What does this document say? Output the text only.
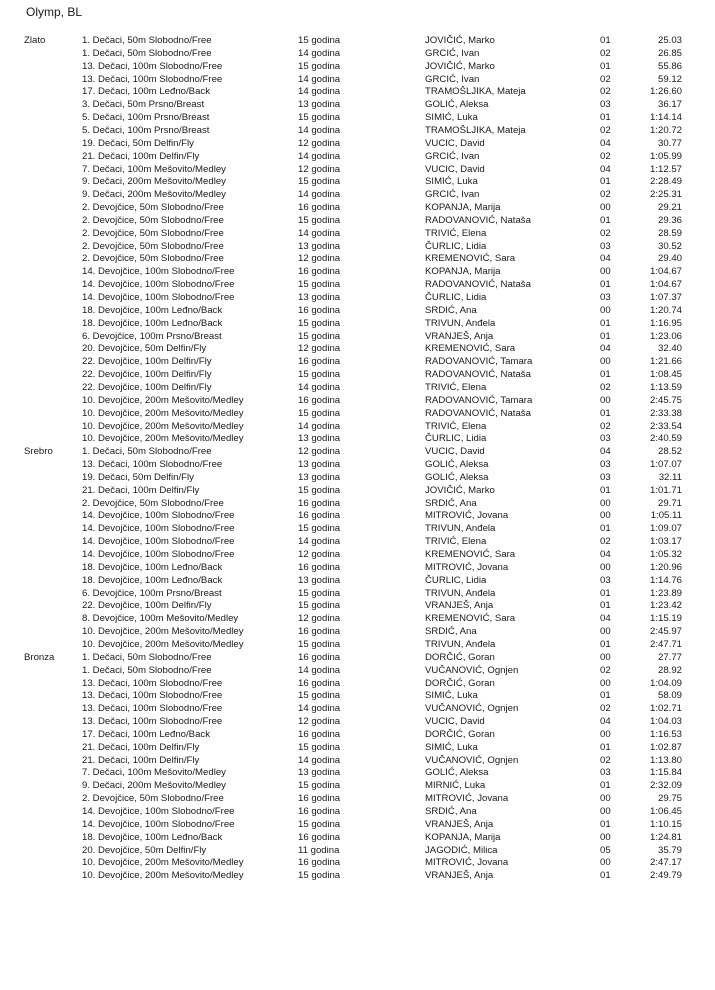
Olymp, BL
Zlato	1. Dečaci, 50m Slobodno/Free	15 godina	JOVIČIĆ, Marko	01	25.03
1. Dečaci, 50m Slobodno/Free	14 godina	GRCIĆ, Ivan	02	26.85
13. Dečaci, 100m Slobodno/Free	15 godina	JOVIČIĆ, Marko	01	55.86
13. Dečaci, 100m Slobodno/Free	14 godina	GRCIĆ, Ivan	02	59.12
17. Dečaci, 100m Leđno/Back	14 godina	TRAMOŠLJIKA, Mateja	02	1:26.60
3. Dečaci, 50m Prsno/Breast	13 godina	GOLIĆ, Aleksa	03	36.17
5. Dečaci, 100m Prsno/Breast	15 godina	SIMIĆ, Luka	01	1:14.14
5. Dečaci, 100m Prsno/Breast	14 godina	TRAMOŠLJIKA, Mateja	02	1:20.72
19. Dečaci, 50m Delfin/Fly	12 godina	VUCIC, David	04	30.77
21. Dečaci, 100m Delfin/Fly	14 godina	GRCIĆ, Ivan	02	1:05.99
7. Dečaci, 100m Mešovito/Medley	12 godina	VUCIC, David	04	1:12.57
9. Dečaci, 200m Mešovito/Medley	15 godina	SIMIĆ, Luka	01	2:28.49
9. Dečaci, 200m Mešovito/Medley	14 godina	GRCIĆ, Ivan	02	2:25.31
2. Devojčice, 50m Slobodno/Free	16 godina	KOPANJA, Marija	00	29.21
2. Devojčice, 50m Slobodno/Free	15 godina	RADOVANOVIĆ, Nataša	01	29.36
2. Devojčice, 50m Slobodno/Free	14 godina	TRIVIĆ, Elena	02	28.59
2. Devojčice, 50m Slobodno/Free	13 godina	ČURLIC, Lidia	03	30.52
2. Devojčice, 50m Slobodno/Free	12 godina	KREMENOVIĆ, Sara	04	29.40
14. Devojčice, 100m Slobodno/Free	16 godina	KOPANJA, Marija	00	1:04.67
14. Devojčice, 100m Slobodno/Free	15 godina	RADOVANOVIĆ, Nataša	01	1:04.67
14. Devojčice, 100m Slobodno/Free	13 godina	ČURLIC, Lidia	03	1:07.37
18. Devojčice, 100m Leđno/Back	16 godina	SRDIĆ, Ana	00	1:20.74
18. Devojčice, 100m Leđno/Back	15 godina	TRIVUN, Anđela	01	1:16.95
6. Devojčice, 100m Prsno/Breast	15 godina	VRANJEŠ, Anja	01	1:23.06
20. Devojčice, 50m Delfin/Fly	12 godina	KREMENOVIĆ, Sara	04	32.40
22. Devojčice, 100m Delfin/Fly	16 godina	RADOVANOVIĆ, Tamara	00	1:21.66
22. Devojčice, 100m Delfin/Fly	15 godina	RADOVANOVIĆ, Nataša	01	1:08.45
22. Devojčice, 100m Delfin/Fly	14 godina	TRIVIĆ, Elena	02	1:13.59
10. Devojčice, 200m Mešovito/Medley	16 godina	RADOVANOVIĆ, Tamara	00	2:45.75
10. Devojčice, 200m Mešovito/Medley	15 godina	RADOVANOVIĆ, Nataša	01	2:33.38
10. Devojčice, 200m Mešovito/Medley	14 godina	TRIVIĆ, Elena	02	2:33.54
10. Devojčice, 200m Mešovito/Medley	13 godina	ČURLIC, Lidia	03	2:40.59
Srebro	1. Dečaci, 50m Slobodno/Free	12 godina	VUCIC, David	04	28.52
13. Dečaci, 100m Slobodno/Free	13 godina	GOLIĆ, Aleksa	03	1:07.07
19. Dečaci, 50m Delfin/Fly	13 godina	GOLIĆ, Aleksa	03	32.11
21. Dečaci, 100m Delfin/Fly	15 godina	JOVIČIĆ, Marko	01	1:01.71
2. Devojčice, 50m Slobodno/Free	16 godina	SRDIĆ, Ana	00	29.71
14. Devojčice, 100m Slobodno/Free	16 godina	MITROVIĆ, Jovana	00	1:05.11
14. Devojčice, 100m Slobodno/Free	15 godina	TRIVUN, Anđela	01	1:09.07
14. Devojčice, 100m Slobodno/Free	14 godina	TRIVIĆ, Elena	02	1:03.17
14. Devojčice, 100m Slobodno/Free	12 godina	KREMENOVIĆ, Sara	04	1:05.32
18. Devojčice, 100m Leđno/Back	16 godina	MITROVIĆ, Jovana	00	1:20.96
18. Devojčice, 100m Leđno/Back	13 godina	ČURLIC, Lidia	03	1:14.76
6. Devojčice, 100m Prsno/Breast	15 godina	TRIVUN, Anđela	01	1:23.89
22. Devojčice, 100m Delfin/Fly	15 godina	VRANJEŠ, Anja	01	1:23.42
8. Devojčice, 100m Mešovito/Medley	12 godina	KREMENOVIĆ, Sara	04	1:15.19
10. Devojčice, 200m Mešovito/Medley	16 godina	SRDIĆ, Ana	00	2:45.97
10. Devojčice, 200m Mešovito/Medley	15 godina	TRIVUN, Anđela	01	2:47.71
Bronza	1. Dečaci, 50m Slobodno/Free	16 godina	DORČIĆ, Goran	00	27.77
1. Dečaci, 50m Slobodno/Free	14 godina	VUČANOVIĆ, Ognjen	02	28.92
13. Dečaci, 100m Slobodno/Free	16 godina	DORČIĆ, Goran	00	1:04.09
13. Dečaci, 100m Slobodno/Free	15 godina	SIMIĆ, Luka	01	58.09
13. Dečaci, 100m Slobodno/Free	14 godina	VUČANOVIĆ, Ognjen	02	1:02.71
13. Dečaci, 100m Slobodno/Free	12 godina	VUCIC, David	04	1:04.03
17. Dečaci, 100m Leđno/Back	16 godina	DORČIĆ, Goran	00	1:16.53
21. Dečaci, 100m Delfin/Fly	15 godina	SIMIĆ, Luka	01	1:02.87
21. Dečaci, 100m Delfin/Fly	14 godina	VUČANOVIĆ, Ognjen	02	1:13.80
7. Dečaci, 100m Mešovito/Medley	13 godina	GOLIĆ, Aleksa	03	1:15.84
9. Dečaci, 200m Mešovito/Medley	15 godina	MIRNIĆ, Luka	01	2:32.09
2. Devojčice, 50m Slobodno/Free	16 godina	MITROVIĆ, Jovana	00	29.75
14. Devojčice, 100m Slobodno/Free	16 godina	SRDIĆ, Ana	00	1:06.45
14. Devojčice, 100m Slobodno/Free	15 godina	VRANJEŠ, Anja	01	1:10.15
18. Devojčice, 100m Leđno/Back	16 godina	KOPANJA, Marija	00	1:24.81
20. Devojčice, 50m Delfin/Fly	11 godina	JAGODIĆ, Milica	05	35.79
10. Devojčice, 200m Mešovito/Medley	16 godina	MITROVIĆ, Jovana	00	2:47.17
10. Devojčice, 200m Mešovito/Medley	15 godina	VRANJEŠ, Anja	01	2:49.79
